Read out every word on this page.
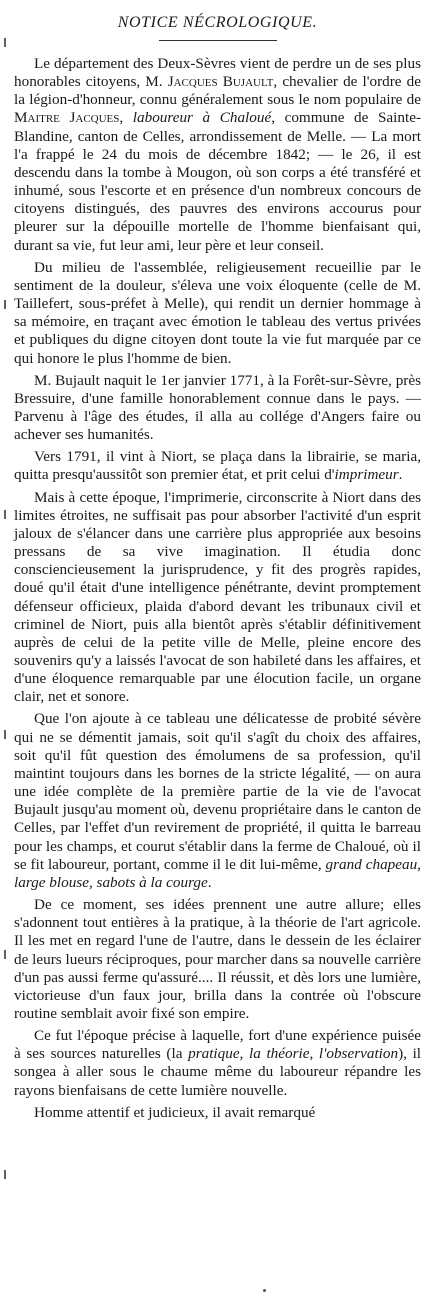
NOTICE NÉCROLOGIQUE.

Le département des Deux-Sèvres vient de perdre un de ses plus honorables citoyens, M. Jacques Bujault, chevalier de l'ordre de la légion-d'honneur, connu généralement sous le nom populaire de Maitre Jacques, laboureur à Chaloué, commune de Sainte-Blandine, canton de Celles, arrondissement de Melle. — La mort l'a frappé le 24 du mois de décembre 1842; — le 26, il est descendu dans la tombe à Mougon, où son corps a été transféré et inhumé, sous l'escorte et en présence d'un nombreux concours de citoyens distingués, des pauvres des environs accourus pour pleurer sur la dépouille mortelle de l'homme bienfaisant qui, durant sa vie, fut leur ami, leur père et leur conseil.

Du milieu de l'assemblée, religieusement recueillie par le sentiment de la douleur, s'éleva une voix éloquente (celle de M. Taillefert, sous-préfet à Melle), qui rendit un dernier hommage à sa mémoire, en traçant avec émotion le tableau des vertus privées et publiques du digne citoyen dont toute la vie fut marquée par ce qui honore le plus l'homme de bien.

M. Bujault naquit le 1er janvier 1771, à la Forêt-sur-Sèvre, près Bressuire, d'une famille honorablement connue dans le pays. — Parvenu à l'âge des études, il alla au collége d'Angers faire ou achever ses humanités.

Vers 1791, il vint à Niort, se plaça dans la librairie, se maria, quitta presqu'aussitôt son premier état, et prit celui d'imprimeur.

Mais à cette époque, l'imprimerie, circonscrite à Niort dans des limites étroites, ne suffisait pas pour absorber l'activité d'un esprit jaloux de s'élancer dans une carrière plus appropriée aux besoins pressans de sa vive imagination. Il étudia donc consciencieusement la jurisprudence, y fit des progrès rapides, doué qu'il était d'une intelligence pénétrante, devint promptement défenseur officieux, plaida d'abord devant les tribunaux civil et criminel de Niort, puis alla bientôt après s'établir définitivement auprès de celui de la petite ville de Melle, pleine encore des souvenirs qu'y a laissés l'avocat de son habileté dans les affaires, et d'une éloquence remarquable par une élocution facile, un organe clair, net et sonore.

Que l'on ajoute à ce tableau une délicatesse de probité sévère qui ne se démentit jamais, soit qu'il s'agît du choix des affaires, soit qu'il fût question des émolumens de sa profession, qu'il maintint toujours dans les bornes de la stricte légalité, — on aura une idée complète de la première partie de la vie de l'avocat Bujault jusqu'au moment où, devenu propriétaire dans le canton de Celles, par l'effet d'un revirement de propriété, il quitta le barreau pour les champs, et courut s'établir dans la ferme de Chaloué, où il se fit laboureur, portant, comme il le dit lui-même, grand chapeau, large blouse, sabots à la courge.

De ce moment, ses idées prennent une autre allure; elles s'adonnent tout entières à la pratique, à la théorie de l'art agricole. Il les met en regard l'une de l'autre, dans le dessein de les éclairer de leurs lueurs réciproques, pour marcher dans sa nouvelle carrière d'un pas aussi ferme qu'assuré.... Il réussit, et dès lors une lumière, victorieuse d'un faux jour, brilla dans la contrée où l'obscure routine semblait avoir fixé son empire.

Ce fut l'époque précise à laquelle, fort d'une expérience puisée à ses sources naturelles (la pratique, la théorie, l'observation), il songea à aller sous le chaume même du laboureur répandre les rayons bienfaisans de cette lumière nouvelle.

Homme attentif et judicieux, il avait remarqué
